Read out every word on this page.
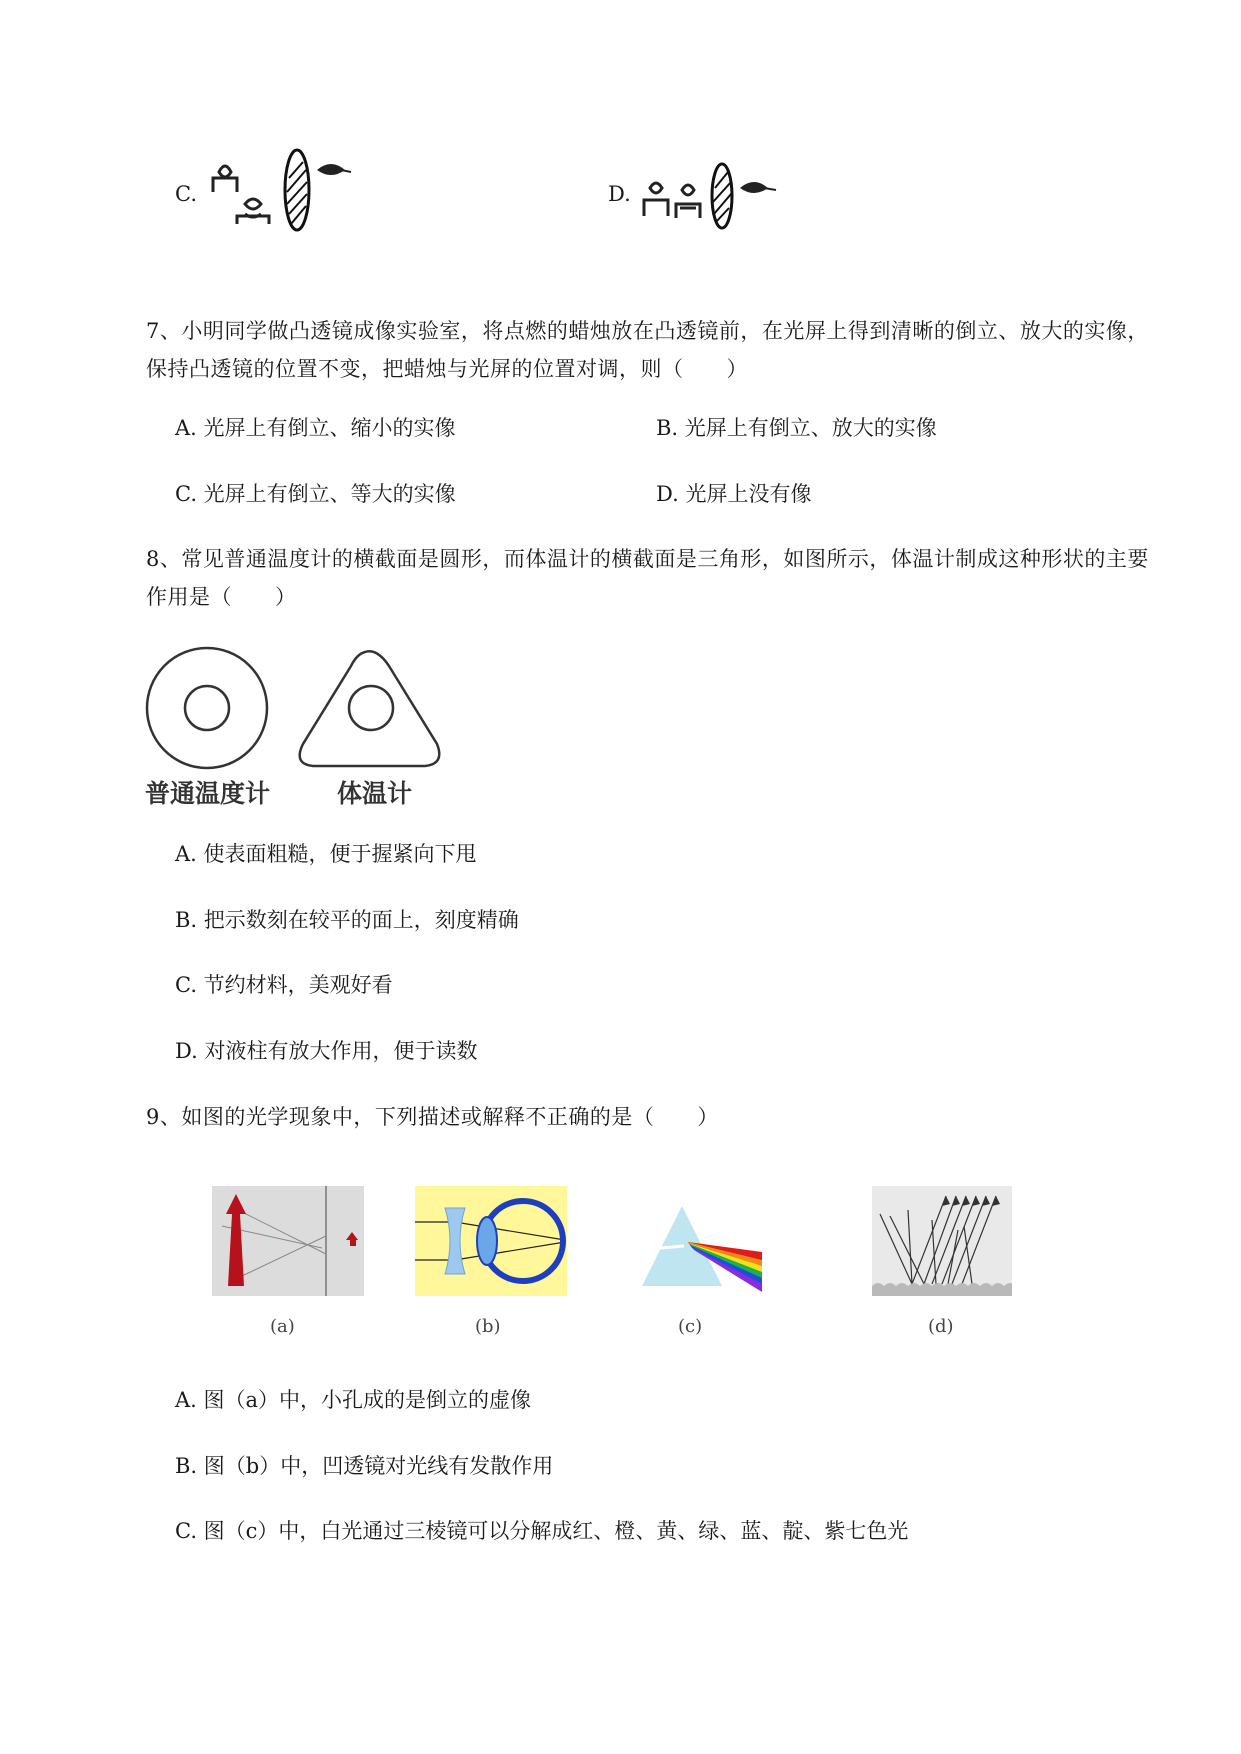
C.	D.
7、小明同学做凸透镜成像实验室，将点燃的蜡烛放在凸透镜前，在光屏上得到清晰的倒立、放大的实像，保持凸透镜的位置不变，把蜡烛与光屏的位置对调，则（　　）
A. 光屏上有倒立、缩小的实像	B. 光屏上有倒立、放大的实像
C. 光屏上有倒立、等大的实像	D. 光屏上没有像
8、常见普通温度计的横截面是圆形，而体温计的横截面是三角形，如图所示，体温计制成这种形状的主要作用是（　　）
普通温度计	体温计
A. 使表面粗糙，便于握紧向下甩
B. 把示数刻在较平的面上，刻度精确
C. 节约材料，美观好看
D. 对液柱有放大作用，便于读数
9、如图的光学现象中，下列描述或解释不正确的是（　　）
(a)	(b)	(c)	(d)
A. 图（a）中，小孔成的是倒立的虚像
B. 图（b）中，凹透镜对光线有发散作用
C. 图（c）中，白光通过三棱镜可以分解成红、橙、黄、绿、蓝、靛、紫七色光
